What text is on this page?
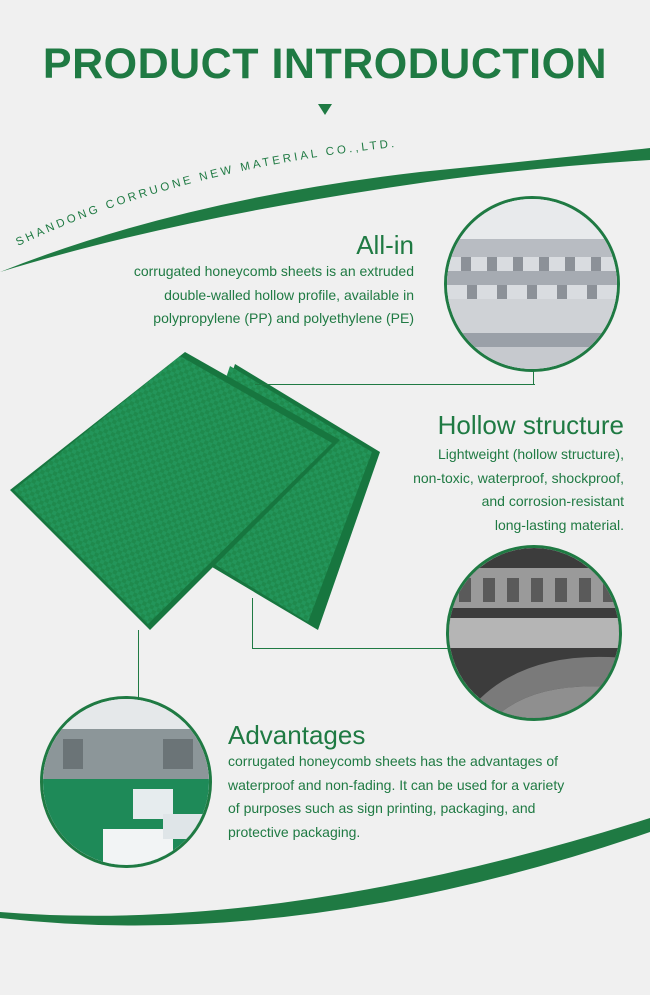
SHANDONG CORRUONE NEW MATERIAL CO.,LTD.
PRODUCT INTRODUCTION
All-in
corrugated honeycomb sheets is an extruded
double-walled hollow profile, available in
polypropylene (PP) and polyethylene (PE)
Hollow structure
Lightweight (hollow structure),
non-toxic, waterproof, shockproof,
and corrosion-resistant
long-lasting material.
Advantages
corrugated honeycomb sheets has the advantages of
waterproof and non-fading. It can be used for a variety
of purposes such as sign printing, packaging, and
protective packaging.
